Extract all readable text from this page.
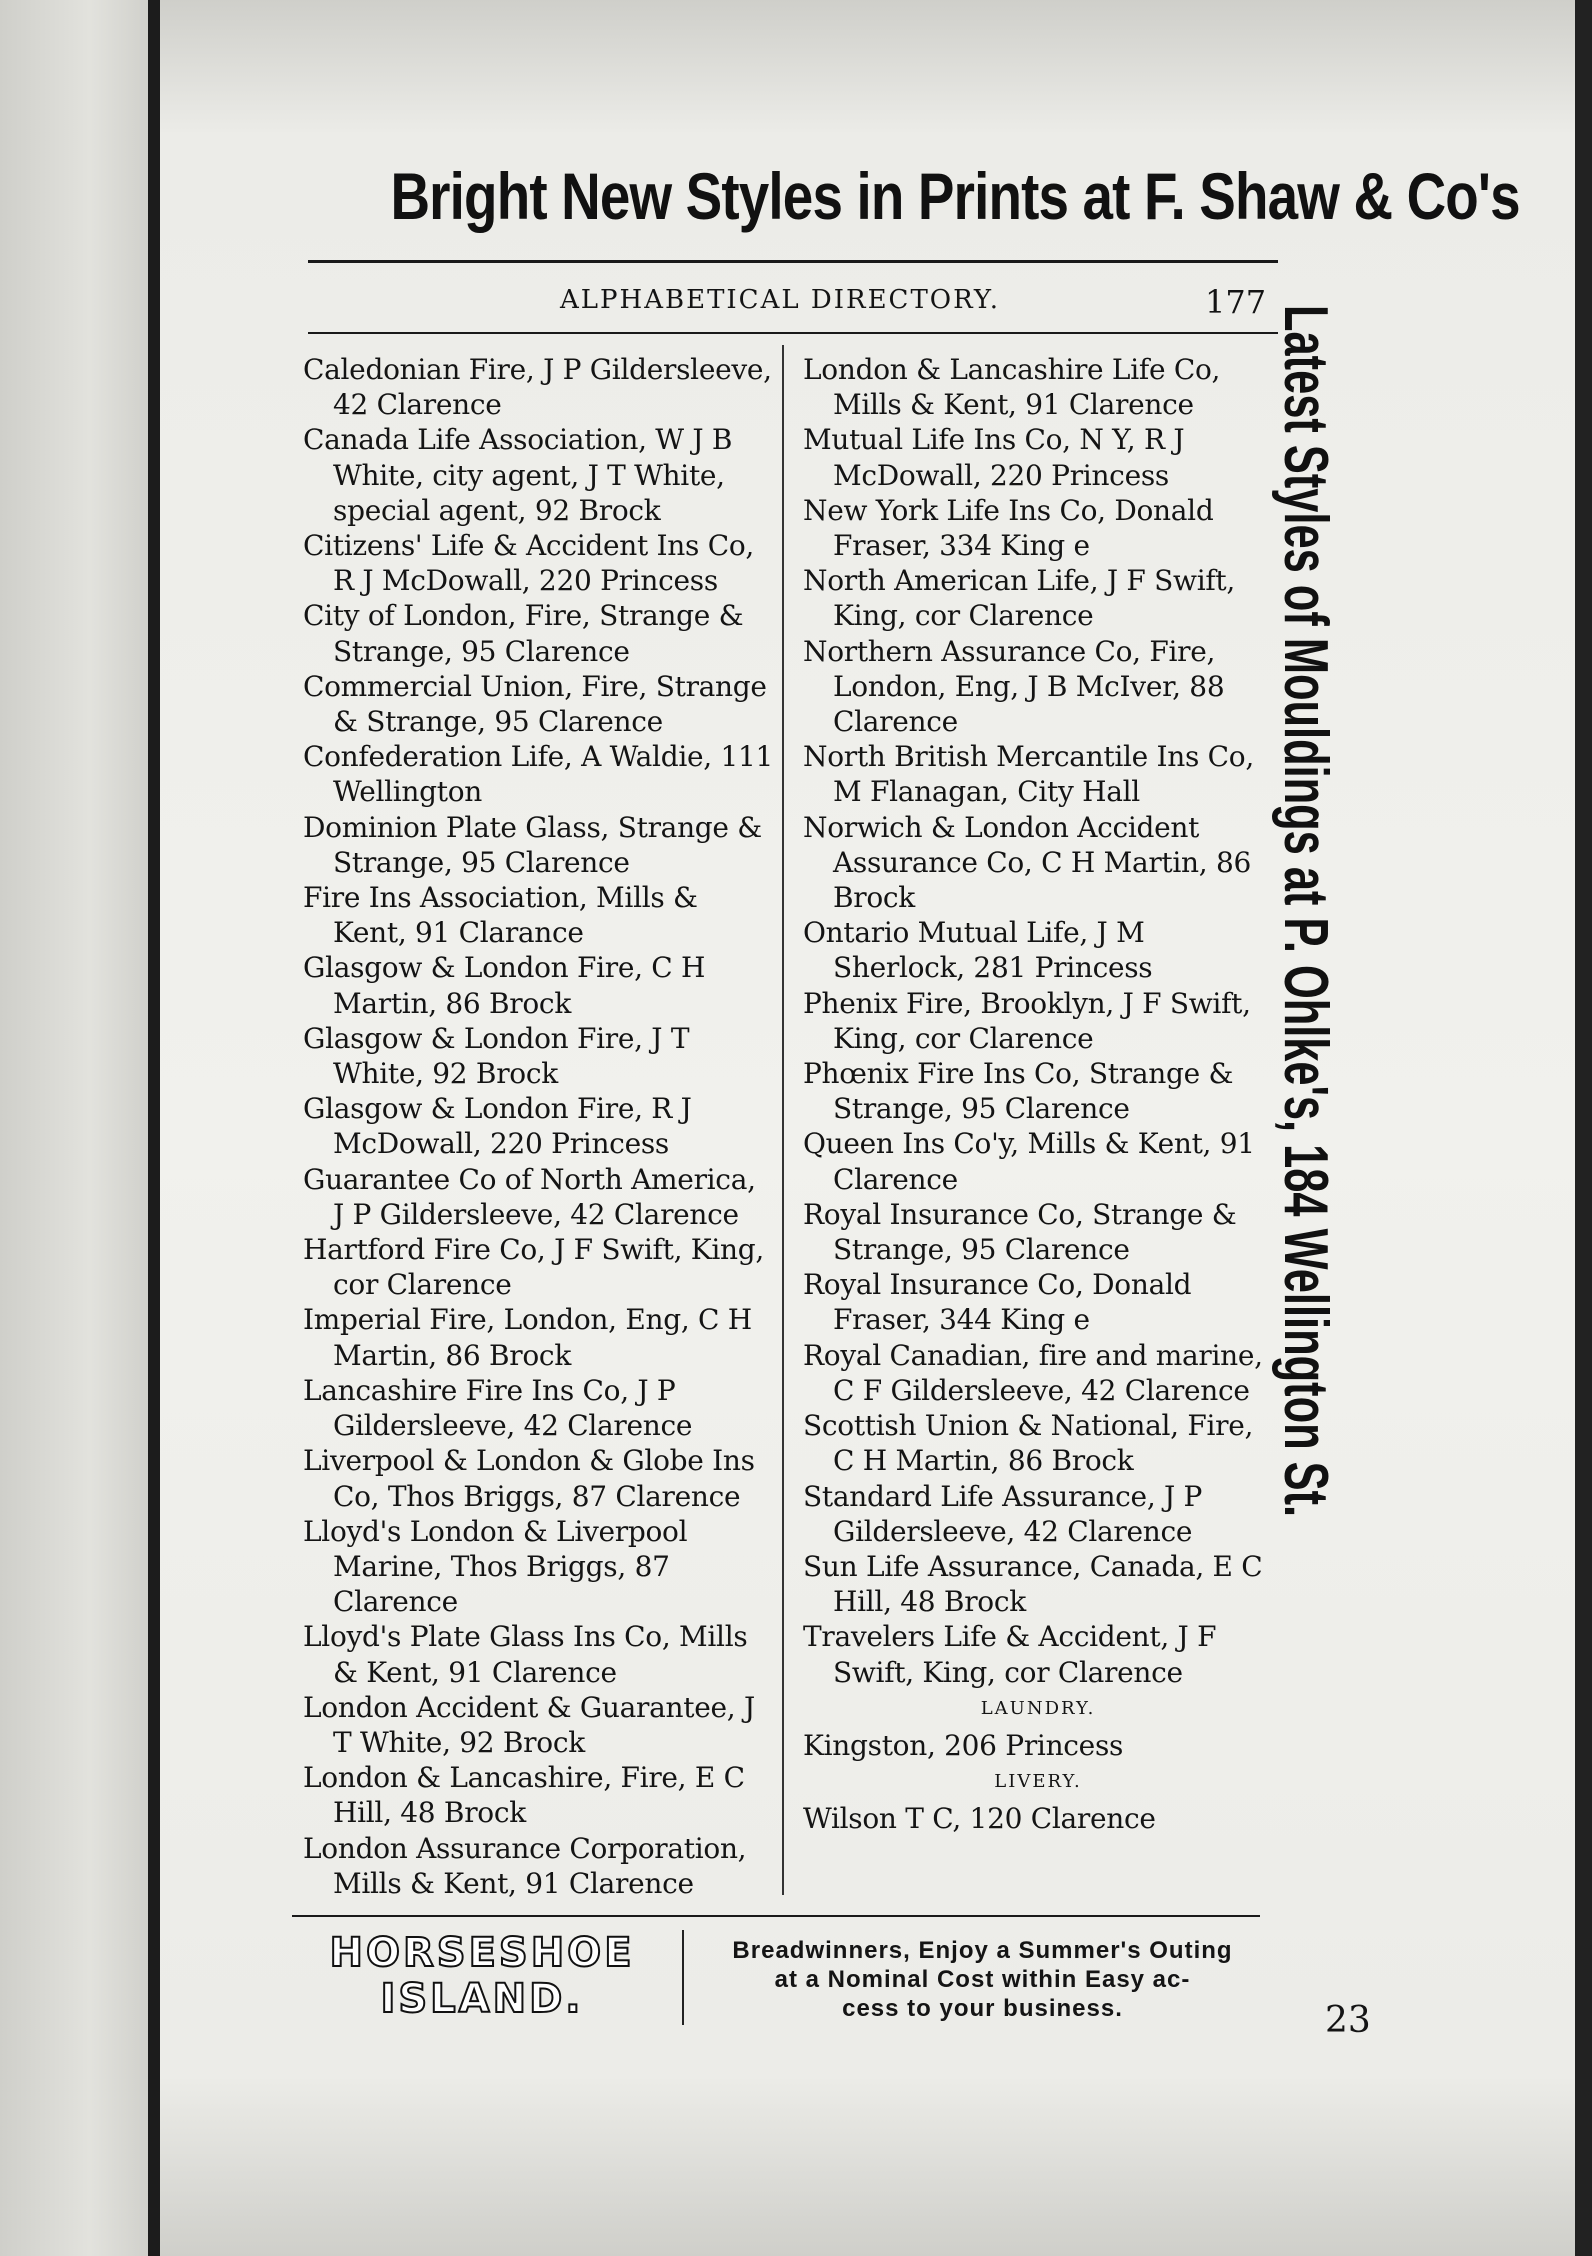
Bright New Styles in Prints at F. Shaw & Co's
ALPHABETICAL DIRECTORY.	177

Caledonian Fire, J P Gildersleeve, 42 Clarence

Canada Life Association, W J B White, city agent, J T White, special agent, 92 Brock

Citizens' Life & Accident Ins Co, R J McDowall, 220 Princess

City of London, Fire, Strange & Strange, 95 Clarence

Commercial Union, Fire, Strange & Strange, 95 Clarence

Confederation Life, A Waldie, 111 Wellington

Dominion Plate Glass, Strange & Strange, 95 Clarence

Fire Ins Association, Mills & Kent, 91 Clarance

Glasgow & London Fire, C H Martin, 86 Brock

Glasgow & London Fire, J T White, 92 Brock

Glasgow & London Fire, R J McDowall, 220 Princess

Guarantee Co of North America, J P Gildersleeve, 42 Clarence

Hartford Fire Co, J F Swift, King, cor Clarence

Imperial Fire, London, Eng, C H Martin, 86 Brock

Lancashire Fire Ins Co, J P Gildersleeve, 42 Clarence

Liverpool & London & Globe Ins Co, Thos Briggs, 87 Clarence

Lloyd's London & Liverpool Marine, Thos Briggs, 87 Clarence

Lloyd's Plate Glass Ins Co, Mills & Kent, 91 Clarence

London Accident & Guarantee, J T White, 92 Brock

London & Lancashire, Fire, E C Hill, 48 Brock

London Assurance Corporation, Mills & Kent, 91 Clarence

London & Lancashire Life Co, Mills & Kent, 91 Clarence

Mutual Life Ins Co, N Y, R J McDowall, 220 Princess

New York Life Ins Co, Donald Fraser, 334 King e

North American Life, J F Swift, King, cor Clarence

Northern Assurance Co, Fire, London, Eng, J B McIver, 88 Clarence

North British Mercantile Ins Co, M Flanagan, City Hall

Norwich & London Accident Assurance Co, C H Martin, 86 Brock

Ontario Mutual Life, J M Sherlock, 281 Princess

Phenix Fire, Brooklyn, J F Swift, King, cor Clarence

Phœnix Fire Ins Co, Strange & Strange, 95 Clarence

Queen Ins Co'y, Mills & Kent, 91 Clarence

Royal Insurance Co, Strange & Strange, 95 Clarence

Royal Insurance Co, Donald Fraser, 344 King e

Royal Canadian, fire and marine, C F Gildersleeve, 42 Clarence

Scottish Union & National, Fire, C H Martin, 86 Brock

Standard Life Assurance, J P Gildersleeve, 42 Clarence

Sun Life Assurance, Canada, E C Hill, 48 Brock

Travelers Life & Accident, J F Swift, King, cor Clarence

LAUNDRY.

Kingston, 206 Princess

LIVERY.

Wilson T C, 120 Clarence

Latest Styles of Mouldings at P. Ohlke's, 184 Wellington St.
HORSESHOE
ISLAND.
Breadwinners, Enjoy a Summer's Outing
at a Nominal Cost within Easy ac-
cess to your business.	23
